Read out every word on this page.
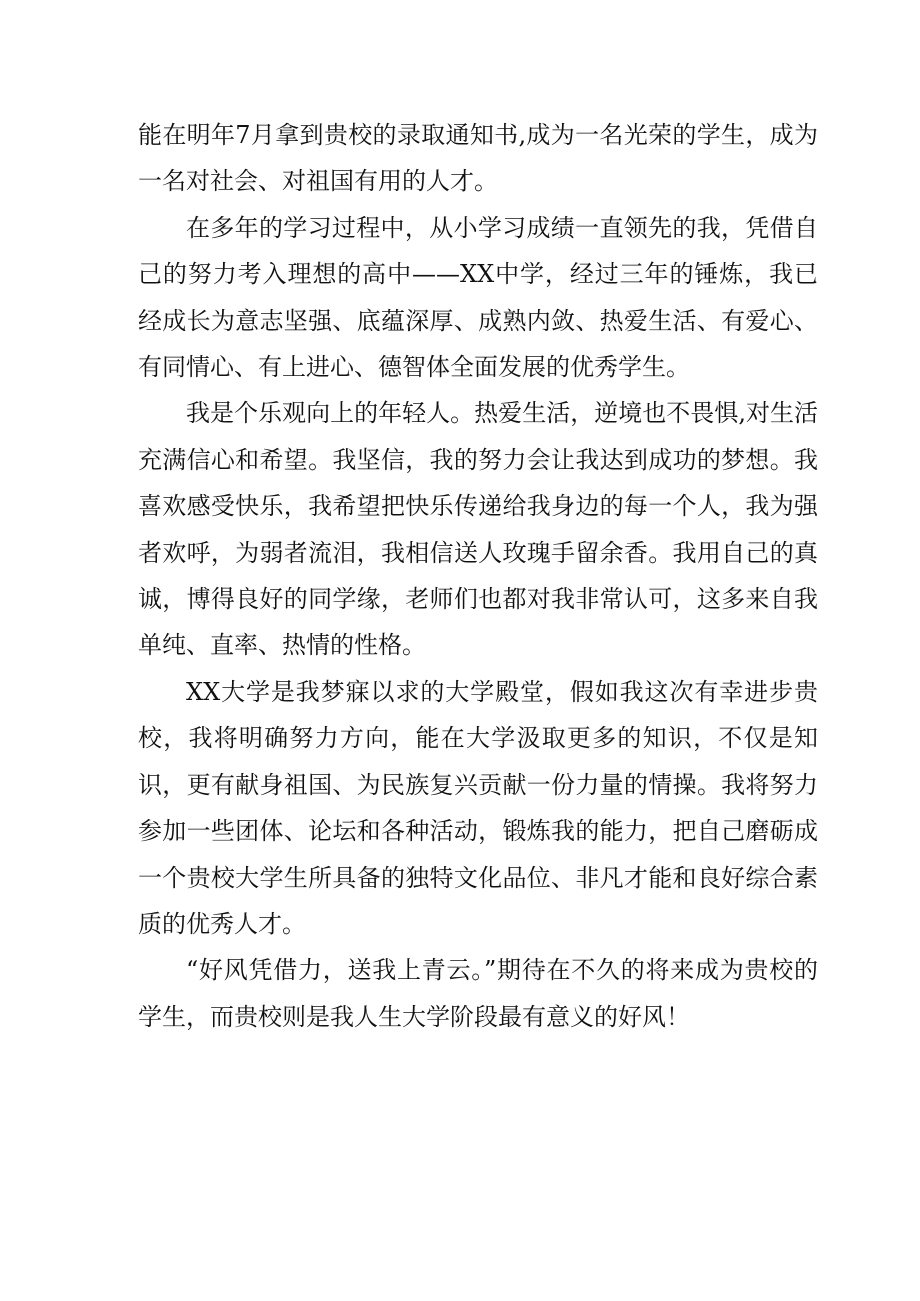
能在明年7月拿到贵校的录取通知书,成为一名光荣的学生，成为一名对社会、对祖国有用的人才。

在多年的学习过程中，从小学习成绩一直领先的我，凭借自己的努力考入理想的高中——XX中学，经过三年的锤炼，我已经成长为意志坚强、底蕴深厚、成熟内敛、热爱生活、有爱心、有同情心、有上进心、德智体全面发展的优秀学生。

我是个乐观向上的年轻人。热爱生活，逆境也不畏惧,对生活充满信心和希望。我坚信，我的努力会让我达到成功的梦想。我喜欢感受快乐，我希望把快乐传递给我身边的每一个人，我为强者欢呼，为弱者流泪，我相信送人玫瑰手留余香。我用自己的真诚，博得良好的同学缘，老师们也都对我非常认可，这多来自我单纯、直率、热情的性格。

XX大学是我梦寐以求的大学殿堂，假如我这次有幸进步贵校，我将明确努力方向，能在大学汲取更多的知识，不仅是知识，更有献身祖国、为民族复兴贡献一份力量的情操。我将努力参加一些团体、论坛和各种活动，锻炼我的能力，把自己磨砺成一个贵校大学生所具备的独特文化品位、非凡才能和良好综合素质的优秀人才。

“好风凭借力，送我上青云。”期待在不久的将来成为贵校的学生，而贵校则是我人生大学阶段最有意义的好风！
